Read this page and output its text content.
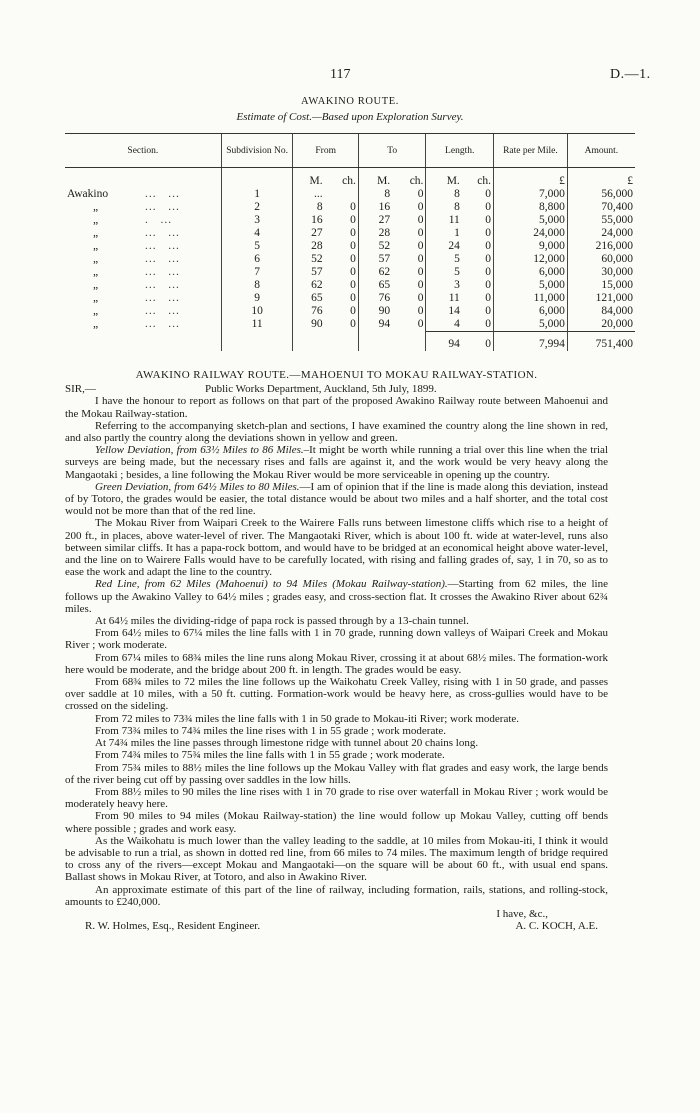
117	D.—1.
AWAKINO ROUTE.
Estimate of Cost.—Based upon Exploration Survey.
Section.	Subdivision No.	From		To		Length.		Rate per Mile.	Amount.
		M.	ch.	M.	ch.	M.	ch.	£	£
Awakino ...   ...	1	...		8	0	8	0	7,000	56,000
„ ...   ...	2	8	0	16	0	8	0	8,800	70,400
„ .   ...	3	16	0	27	0	11	0	5,000	55,000
„ ...   ...	4	27	0	28	0	1	0	24,000	24,000
„ ...   ...	5	28	0	52	0	24	0	9,000	216,000
„ ...   ...	6	52	0	57	0	5	0	12,000	60,000
„ ...   ...	7	57	0	62	0	5	0	6,000	30,000
„ ...   ...	8	62	0	65	0	3	0	5,000	15,000
„ ...   ...	9	65	0	76	0	11	0	11,000	121,000
„ ...   ...	10	76	0	90	0	14	0	6,000	84,000
„ ...   ...	11	90	0	94	0	4	0	5,000	20,000
						94	0	7,994	751,400

AWAKINO RAILWAY ROUTE.—MAHOENUI TO MOKAU RAILWAY-STATION.

SIR,—	Public Works Department, Auckland, 5th July, 1899.

I have the honour to report as follows on that part of the proposed Awakino Railway route between Mahoenui and the Mokau Railway-station.

Referring to the accompanying sketch-plan and sections, I have examined the country along the line shown in red, and also partly the country along the deviations shown in yellow and green.

Yellow Deviation, from 63½ Miles to 86 Miles.–It might be worth while running a trial over this line when the trial surveys are being made, but the necessary rises and falls are against it, and the work would be very heavy along the Mangaotaki ; besides, a line following the Mokau River would be more serviceable in opening up the country.

Green Deviation, from 64½ Miles to 80 Miles.—I am of opinion that if the line is made along this deviation, instead of by Totoro, the grades would be easier, the total distance would be about two miles and a half shorter, and the total cost would not be more than that of the red line.

The Mokau River from Waipari Creek to the Wairere Falls runs between limestone cliffs which rise to a height of 200 ft., in places, above water-level of river. The Mangaotaki River, which is about 100 ft. wide at water-level, runs also between similar cliffs. It has a papa-rock bottom, and would have to be bridged at an economical height above water-level, and the line on to Wairere Falls would have to be carefully located, with rising and falling grades of, say, 1 in 70, so as to ease the work and adapt the line to the country.

Red Line, from 62 Miles (Mahoenui) to 94 Miles (Mokau Railway-station).—Starting from 62 miles, the line follows up the Awakino Valley to 64½ miles ; grades easy, and cross-section flat. It crosses the Awakino River about 62¾ miles.

At 64½ miles the dividing-ridge of papa rock is passed through by a 13-chain tunnel.

From 64½ miles to 67¼ miles the line falls with 1 in 70 grade, running down valleys of Waipari Creek and Mokau River ; work moderate.

From 67¼ miles to 68¾ miles the line runs along Mokau River, crossing it at about 68½ miles. The formation-work here would be moderate, and the bridge about 200 ft. in length. The grades would be easy.

From 68¾ miles to 72 miles the line follows up the Waikohatu Creek Valley, rising with 1 in 50 grade, and passes over saddle at 10 miles, with a 50 ft. cutting. Formation-work would be heavy here, as cross-gullies would have to be crossed on the sideling.

From 72 miles to 73¾ miles the line falls with 1 in 50 grade to Mokau-iti River; work moderate.

From 73¾ miles to 74¾ miles the line rises with 1 in 55 grade ; work moderate.

At 74¾ miles the line passes through limestone ridge with tunnel about 20 chains long.

From 74¾ miles to 75¾ miles the line falls with 1 in 55 grade ; work moderate.

From 75¾ miles to 88½ miles the line follows up the Mokau Valley with flat grades and easy work, the large bends of the river being cut off by passing over saddles in the low hills.

From 88½ miles to 90 miles the line rises with 1 in 70 grade to rise over waterfall in Mokau River ; work would be moderately heavy here.

From 90 miles to 94 miles (Mokau Railway-station) the line would follow up Mokau Valley, cutting off bends where possible ; grades and work easy.

As the Waikohatu is much lower than the valley leading to the saddle, at 10 miles from Mokau-iti, I think it would be advisable to run a trial, as shown in dotted red line, from 66 miles to 74 miles. The maximum length of bridge required to cross any of the rivers—except Mokau and Mangaotaki—on the square will be about 60 ft., with usual end spans. Ballast shows in Mokau River, at Totoro, and also in Awakino River.

An approximate estimate of this part of the line of railway, including formation, rails, stations, and rolling-stock, amounts to £240,000.

I have, &c.,
R. W. Holmes, Esq., Resident Engineer.	A. C. KOCH, A.E.
